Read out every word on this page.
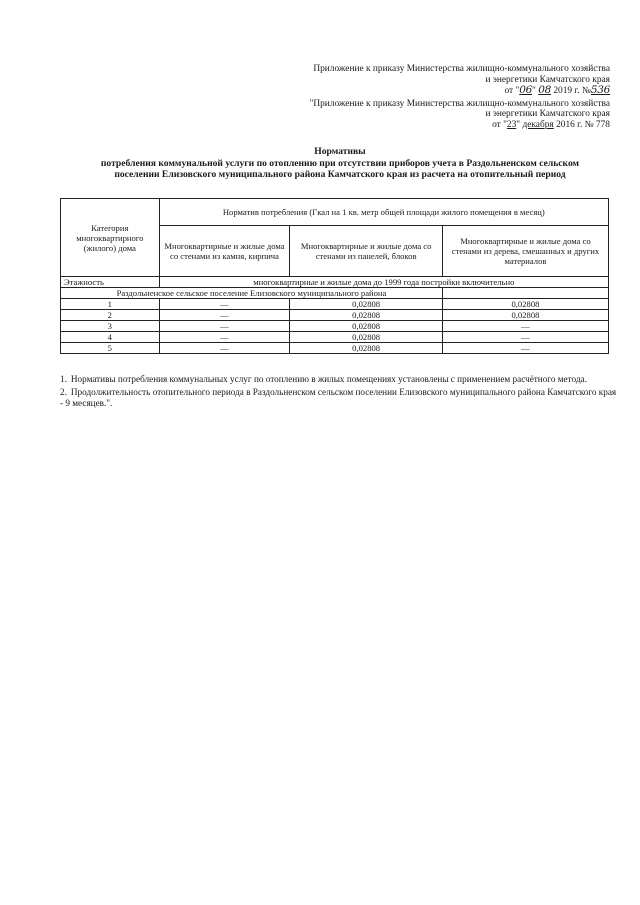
Приложение к приказу Министерства жилищно-коммунального хозяйства
и энергетики Камчатского края
от "06" 08 2019 г. №536
"Приложение к приказу Министерства жилищно-коммунального хозяйства
и энергетики Камчатского края
от "23" декабря 2016 г. № 778
Нормативы
потребления коммунальной услуги по отоплению при отсутствии приборов учета в Раздольненском сельском
поселении Елизовского муниципального района Камчатского края из расчета на отопительный период
Категория многоквартирного (жилого) дома	Норматив потребления (Гкал на 1 кв. метр общей площади жилого помещения в месяц)		
	Многоквартирные и жилые дома со стенами из камня, кирпича	Многоквартирные и жилые дома со стенами из панелей, блоков	Многоквартирные и жилые дома со стенами из дерева, смешанных и других материалов
Этажность	многоквартирные и жилые дома до 1999 года постройки включительно		
Раздольненское сельское поселение Елизовского муниципального района			
1	—	0,02808	0,02808
2	—	0,02808	0,02808
3	—	0,02808	—
4	—	0,02808	—
5	—	0,02808	—
1. Нормативы потребления коммунальных услуг по отоплению в жилых помещениях установлены с применением расчётного метода.
2. Продолжительность отопительного периода в Раздольненском сельском поселении Елизовского муниципального района Камчатского края - 9 месяцев.".
